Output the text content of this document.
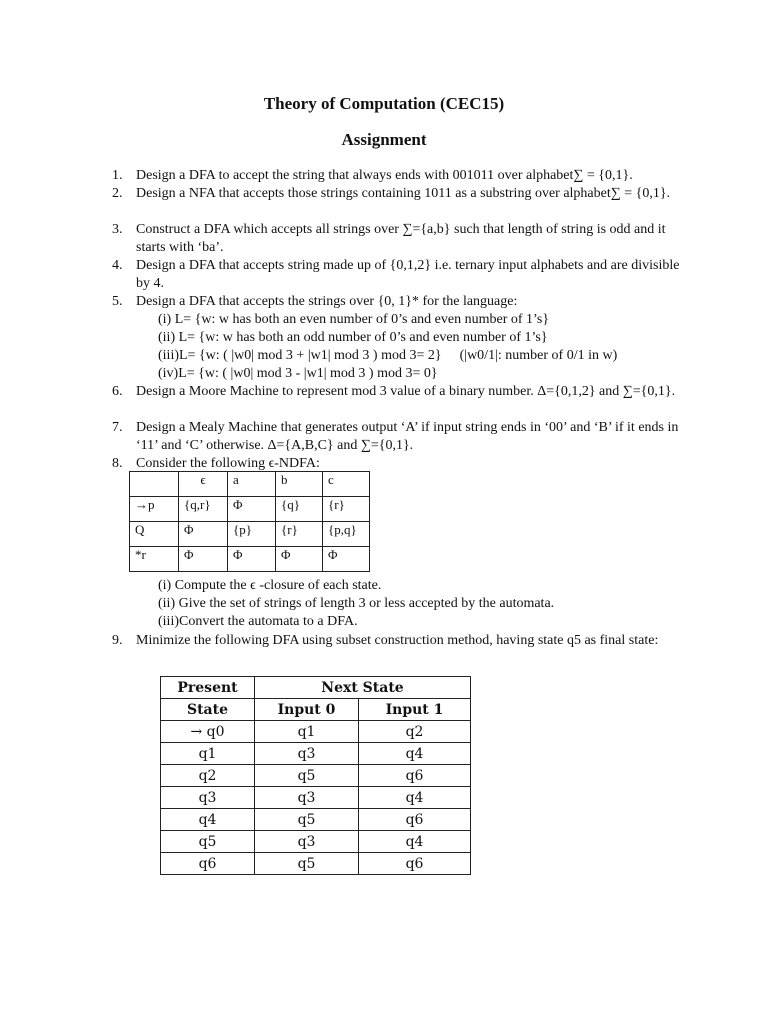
Theory of Computation (CEC15)
Assignment
1. Design a DFA to accept the string that always ends with 001011 over alphabet∑ = {0,1}.
2. Design a NFA that accepts those strings containing 1011 as a substring over alphabet∑ = {0,1}.
3. Construct a DFA which accepts all strings over ∑={a,b} such that length of string is odd and it starts with ‘ba’.
4. Design a DFA that accepts string made up of {0,1,2} i.e. ternary input alphabets and are divisible by 4.
5. Design a DFA that accepts the strings over {0, 1}* for the language:
(i) L= {w: w has both an even number of 0’s and even number of 1’s}
(ii) L= {w: w has both an odd number of 0’s and even number of 1’s}
(iii)L= {w: ( |w0| mod 3 + |w1| mod 3 ) mod 3= 2} (|w0/1|: number of 0/1 in w)
(iv)L= {w: ( |w0| mod 3 - |w1| mod 3 ) mod 3= 0}
6. Design a Moore Machine to represent mod 3 value of a binary number. Δ={0,1,2} and ∑={0,1}.
7. Design a Mealy Machine that generates output ‘A’ if input string ends in ‘00’ and ‘B’ if it ends in ‘11’ and ‘C’ otherwise. Δ={A,B,C} and ∑={0,1}.
8. Consider the following ϵ-NDFA:
	ϵ	a	b	c
→p	{q,r}	Φ	{q}	{r}
Q	Φ	{p}	{r}	{p,q}
*r	Φ	Φ	Φ	Φ
(i) Compute the ϵ -closure of each state.
(ii) Give the set of strings of length 3 or less accepted by the automata.
(iii)Convert the automata to a DFA.
9. Minimize the following DFA using subset construction method, having state q5 as final state:
Present	Next State	
State	Input 0	Input 1
→ q0	q1	q2
q1	q3	q4
q2	q5	q6
q3	q3	q4
q4	q5	q6
q5	q3	q4
q6	q5	q6
